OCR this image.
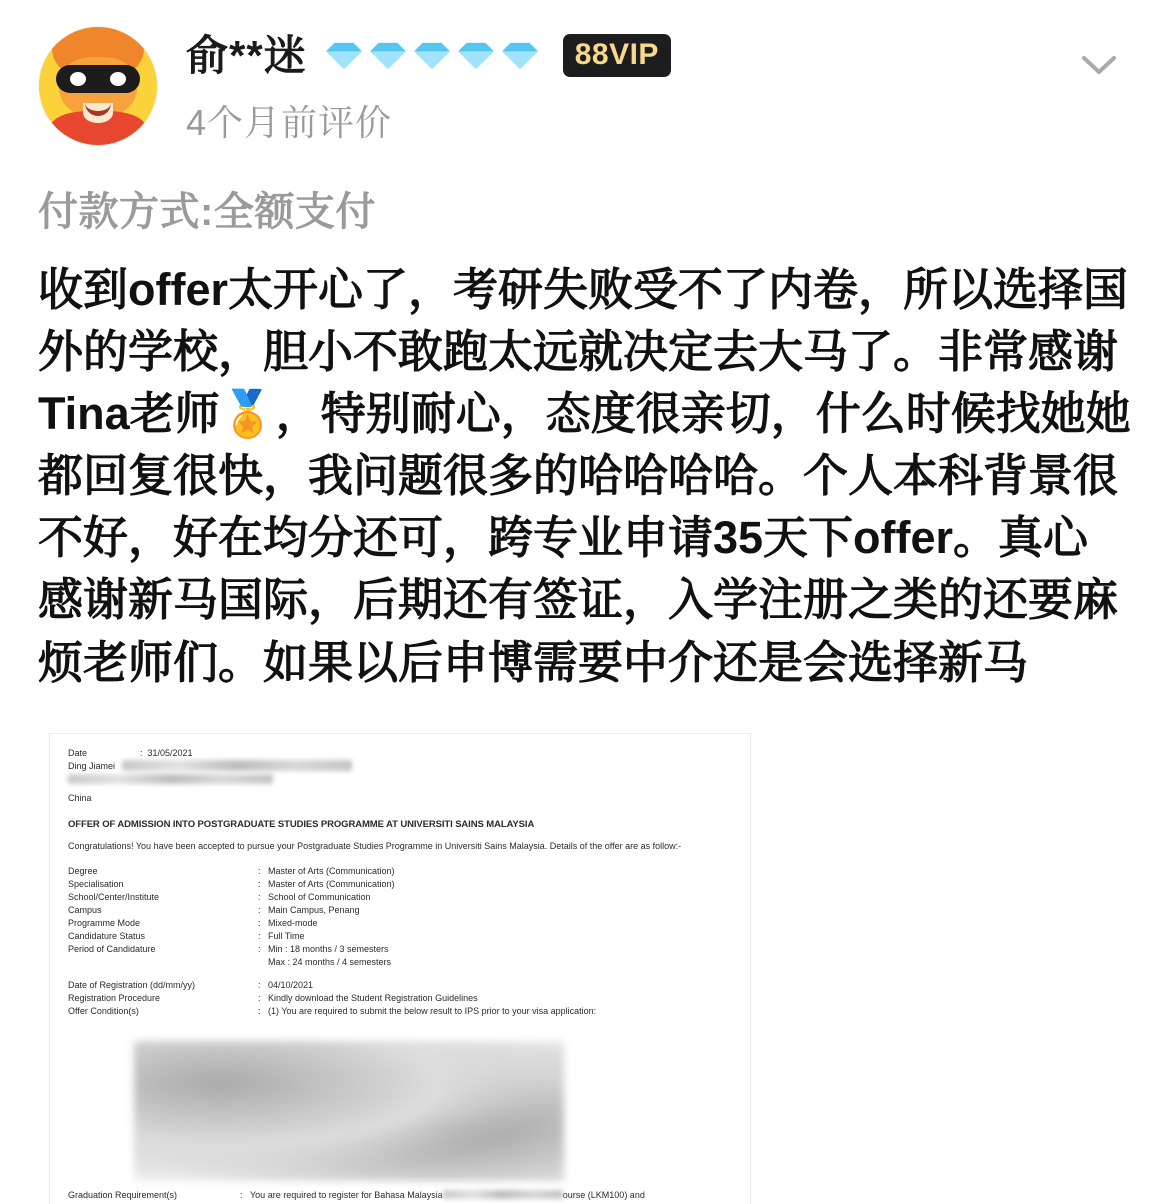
俞**迷	88VIP
4个月前评价
付款方式:全额支付
收到offer太开心了，考研失败受不了内卷，所以选择国外的学校，胆小不敢跑太远就决定去大马了。非常感谢Tina老师🏅，特别耐心，态度很亲切，什么时候找她她都回复很快，我问题很多的哈哈哈哈。个人本科背景很不好，好在均分还可，跨专业申请35天下offer。真心感谢新马国际，后期还有签证，入学注册之类的还要麻烦老师们。如果以后申博需要中介还是会选择新马
Date	: 31/05/2021
Ding Jiamei
China
OFFER OF ADMISSION INTO POSTGRADUATE STUDIES PROGRAMME AT UNIVERSITI SAINS MALAYSIA
Congratulations! You have been accepted to pursue your Postgraduate Studies Programme in Universiti Sains Malaysia. Details of the offer are as follow:-
Degree	: Master of Arts (Communication)
Specialisation	: Master of Arts (Communication)
School/Center/Institute	: School of Communication
Campus	: Main Campus, Penang
Programme Mode	: Mixed-mode
Candidature Status	: Full Time
Period of Candidature	: Min : 18 months / 3 semesters
Max : 24 months / 4 semesters
Date of Registration (dd/mm/yy)	: 04/10/2021
Registration Procedure	: Kindly download the Student Registration Guidelines
Offer Condition(s)	: (1) You are required to submit the below result to IPS prior to your visa application:
Graduation Requirement(s)	: You are required to register for Bahasa Malaysia	ourse (LKM100) and
